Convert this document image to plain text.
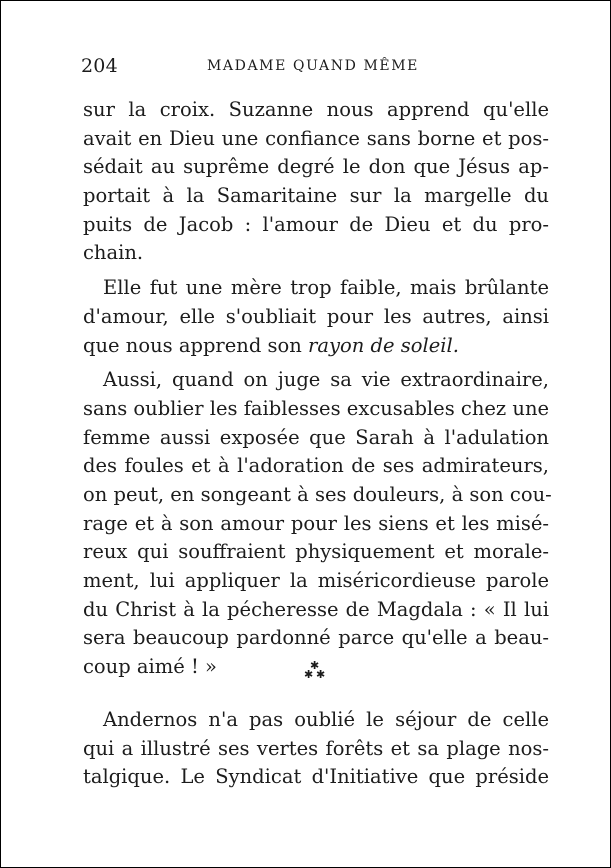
204	MADAME QUAND MÊME
sur la croix. Suzanne nous apprend qu'elle
avait en Dieu une confiance sans borne et pos-
sédait au suprême degré le don que Jésus ap-
portait à la Samaritaine sur la margelle du
puits de Jacob : l'amour de Dieu et du pro-
chain.
Elle fut une mère trop faible, mais brûlante
d'amour, elle s'oubliait pour les autres, ainsi
que nous apprend son rayon de soleil.
Aussi, quand on juge sa vie extraordinaire,
sans oublier les faiblesses excusables chez une
femme aussi exposée que Sarah à l'adulation
des foules et à l'adoration de ses admirateurs,
on peut, en songeant à ses douleurs, à son cou-
rage et à son amour pour les siens et les misé-
reux qui souffraient physiquement et morale-
ment, lui appliquer la miséricordieuse parole
du Christ à la pécheresse de Magdala : « Il lui
sera beaucoup pardonné parce qu'elle a beau-
coup aimé ! »	✱
✱ ✱
Andernos n'a pas oublié le séjour de celle
qui a illustré ses vertes forêts et sa plage nos-
talgique. Le Syndicat d'Initiative que préside
